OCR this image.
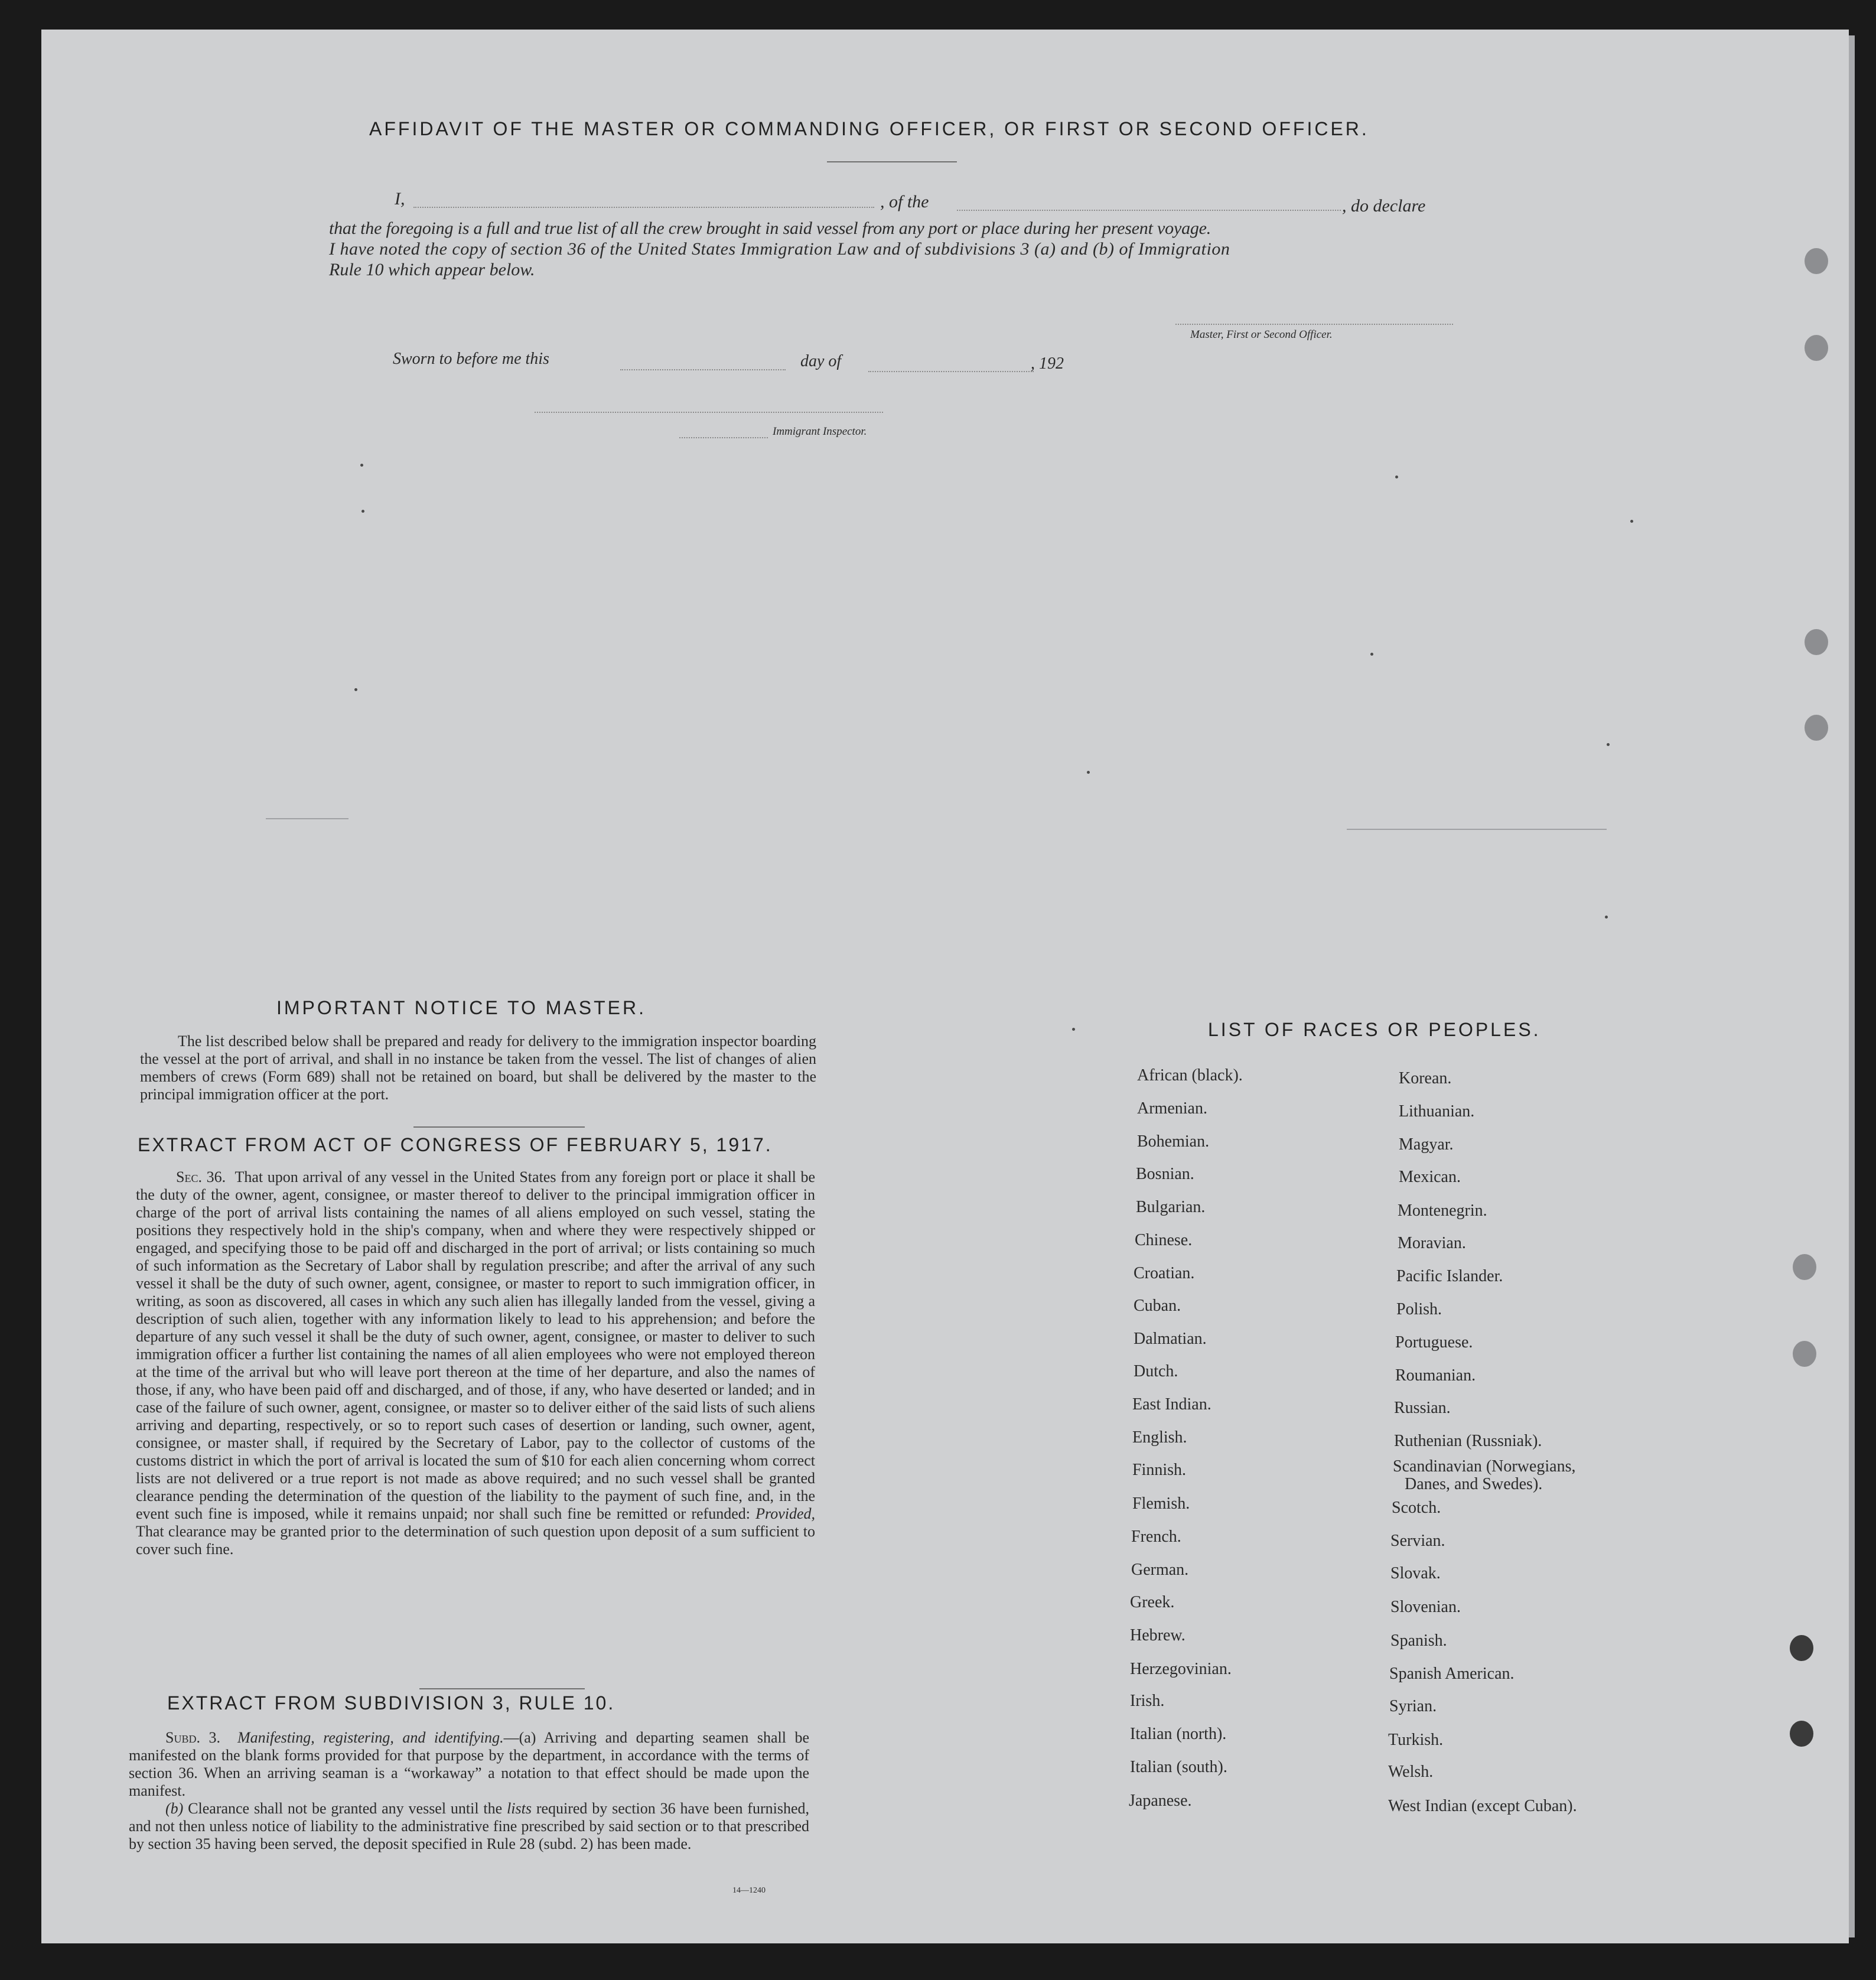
AFFIDAVIT OF THE MASTER OR COMMANDING OFFICER, OR FIRST OR SECOND OFFICER.
I,	, of the	, do declare
that the foregoing is a full and true list of all the crew brought in said vessel from any port or place during her present voyage.
I have noted the copy of section 36 of the United States Immigration Law and of subdivisions 3 (a) and (b) of Immigration
Rule 10 which appear below.
Master, First or Second Officer.
Sworn to before me this	day of	, 192
Immigrant Inspector.
IMPORTANT NOTICE TO MASTER.

The list described below shall be prepared and ready for delivery to the immigration inspector boarding the vessel at the port of arrival, and shall in no instance be taken from the vessel. The list of changes of alien members of crews (Form 689) shall not be retained on board, but shall be delivered by the master to the principal immigration officer at the port.

EXTRACT FROM ACT OF CONGRESS OF FEBRUARY 5, 1917.

Sec. 36. That upon arrival of any vessel in the United States from any foreign port or place it shall be the duty of the owner, agent, consignee, or master thereof to deliver to the principal immigration officer in charge of the port of arrival lists containing the names of all aliens employed on such vessel, stating the positions they respectively hold in the ship's company, when and where they were respectively shipped or engaged, and specifying those to be paid off and discharged in the port of arrival; or lists containing so much of such information as the Secretary of Labor shall by regulation prescribe; and after the arrival of any such vessel it shall be the duty of such owner, agent, consignee, or master to report to such immigration officer, in writing, as soon as discovered, all cases in which any such alien has illegally landed from the vessel, giving a description of such alien, together with any information likely to lead to his apprehension; and before the departure of any such vessel it shall be the duty of such owner, agent, consignee, or master to deliver to such immigration officer a further list containing the names of all alien employees who were not employed thereon at the time of the arrival but who will leave port thereon at the time of her departure, and also the names of those, if any, who have been paid off and discharged, and of those, if any, who have deserted or landed; and in case of the failure of such owner, agent, consignee, or master so to deliver either of the said lists of such aliens arriving and departing, respectively, or so to report such cases of desertion or landing, such owner, agent, consignee, or master shall, if required by the Secretary of Labor, pay to the collector of customs of the customs district in which the port of arrival is located the sum of $10 for each alien concerning whom correct lists are not delivered or a true report is not made as above required; and no such vessel shall be granted clearance pending the determination of the question of the liability to the payment of such fine, and, in the event such fine is imposed, while it remains unpaid; nor shall such fine be remitted or refunded: Provided, That clearance may be granted prior to the determination of such question upon deposit of a sum sufficient to cover such fine.

EXTRACT FROM SUBDIVISION 3, RULE 10.

Subd. 3. Manifesting, registering, and identifying.—(a) Arriving and departing seamen shall be manifested on the blank forms provided for that purpose by the department, in accordance with the terms of section 36. When an arriving seaman is a “workaway” a notation to that effect should be made upon the manifest.

(b) Clearance shall not be granted any vessel until the lists required by section 36 have been furnished, and not then unless notice of liability to the administrative fine prescribed by said section or to that prescribed by section 35 having been served, the deposit specified in Rule 28 (subd. 2) has been made.

14—1240
LIST OF RACES OR PEOPLES.
African (black).
Armenian.
Bohemian.
Bosnian.
Bulgarian.
Chinese.
Croatian.
Cuban.
Dalmatian.
Dutch.
East Indian.
English.
Finnish.
Flemish.
French.
German.
Greek.
Hebrew.
Herzegovinian.
Irish.
Italian (north).
Italian (south).
Japanese.
Korean.
Lithuanian.
Magyar.
Mexican.
Montenegrin.
Moravian.
Pacific Islander.
Polish.
Portuguese.
Roumanian.
Russian.
Ruthenian (Russniak).
Scandinavian (Norwegians,
Danes, and Swedes).
Scotch.
Servian.
Slovak.
Slovenian.
Spanish.
Spanish American.
Syrian.
Turkish.
Welsh.
West Indian (except Cuban).
